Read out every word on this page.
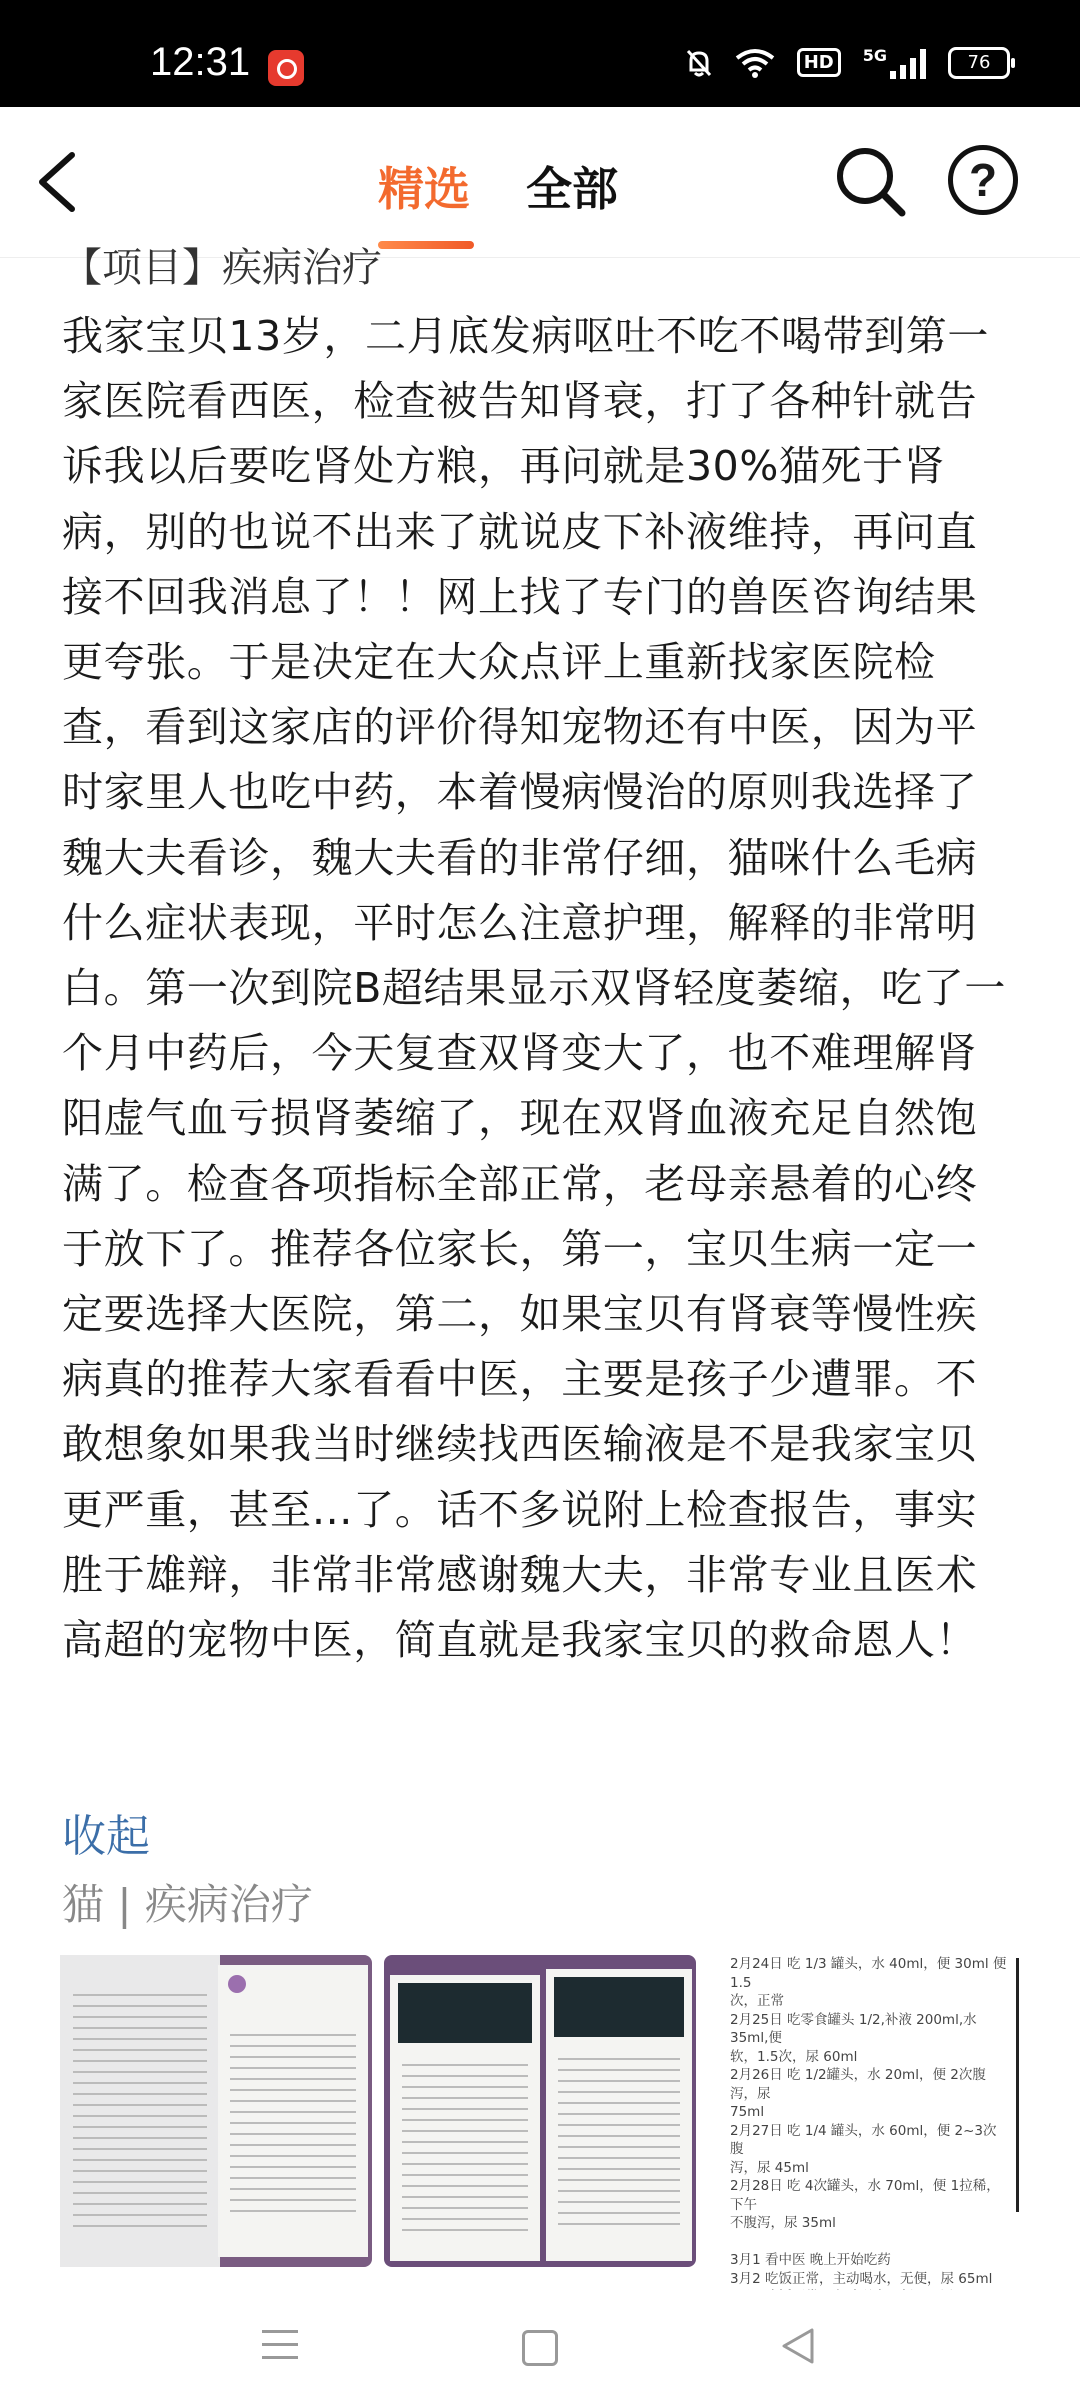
12:31	HD	5G	76
精选 全部	?
【项目】疾病治疗
我家宝贝13岁，二月底发病呕吐不吃不喝带到第一家医院看西医，检查被告知肾衰，打了各种针就告诉我以后要吃肾处方粮，再问就是30%猫死于肾病，别的也说不出来了就说皮下补液维持，再问直接不回我消息了！！网上找了专门的兽医咨询结果更夸张。于是决定在大众点评上重新找家医院检查，看到这家店的评价得知宠物还有中医，因为平时家里人也吃中药，本着慢病慢治的原则我选择了魏大夫看诊，魏大夫看的非常仔细，猫咪什么毛病什么症状表现，平时怎么注意护理，解释的非常明白。第一次到院B超结果显示双肾轻度萎缩，吃了一个月中药后，今天复查双肾变大了，也不难理解肾阳虚气血亏损肾萎缩了，现在双肾血液充足自然饱满了。检查各项指标全部正常，老母亲悬着的心终于放下了。推荐各位家长，第一，宝贝生病一定一定要选择大医院，第二，如果宝贝有肾衰等慢性疾病真的推荐大家看看中医，主要是孩子少遭罪。不敢想象如果我当时继续找西医输液是不是我家宝贝更严重，甚至…了。话不多说附上检查报告，事实胜于雄辩，非常非常感谢魏大夫，非常专业且医术高超的宠物中医，简直就是我家宝贝的救命恩人！
收起
猫 | 疾病治疗
2月24日 吃 1/3 罐头，水 40ml，便 30ml 便 1.5
次，正常
2月25日 吃零食罐头 1/2,补液 200ml,水 35ml,便
软，1.5次，尿 60ml
2月26日 吃 1/2罐头，水 20ml，便 2次腹泻，尿
75ml
2月27日 吃 1/4 罐头，水 60ml，便 2~3次腹
泻，尿 45ml
2月28日 吃 4次罐头，水 70ml，便 1拉稀，下午
不腹泻，尿 35ml

3月1 看中医 晚上开始吃药
3月2 吃饭正常，主动喝水，无便，尿 65ml
